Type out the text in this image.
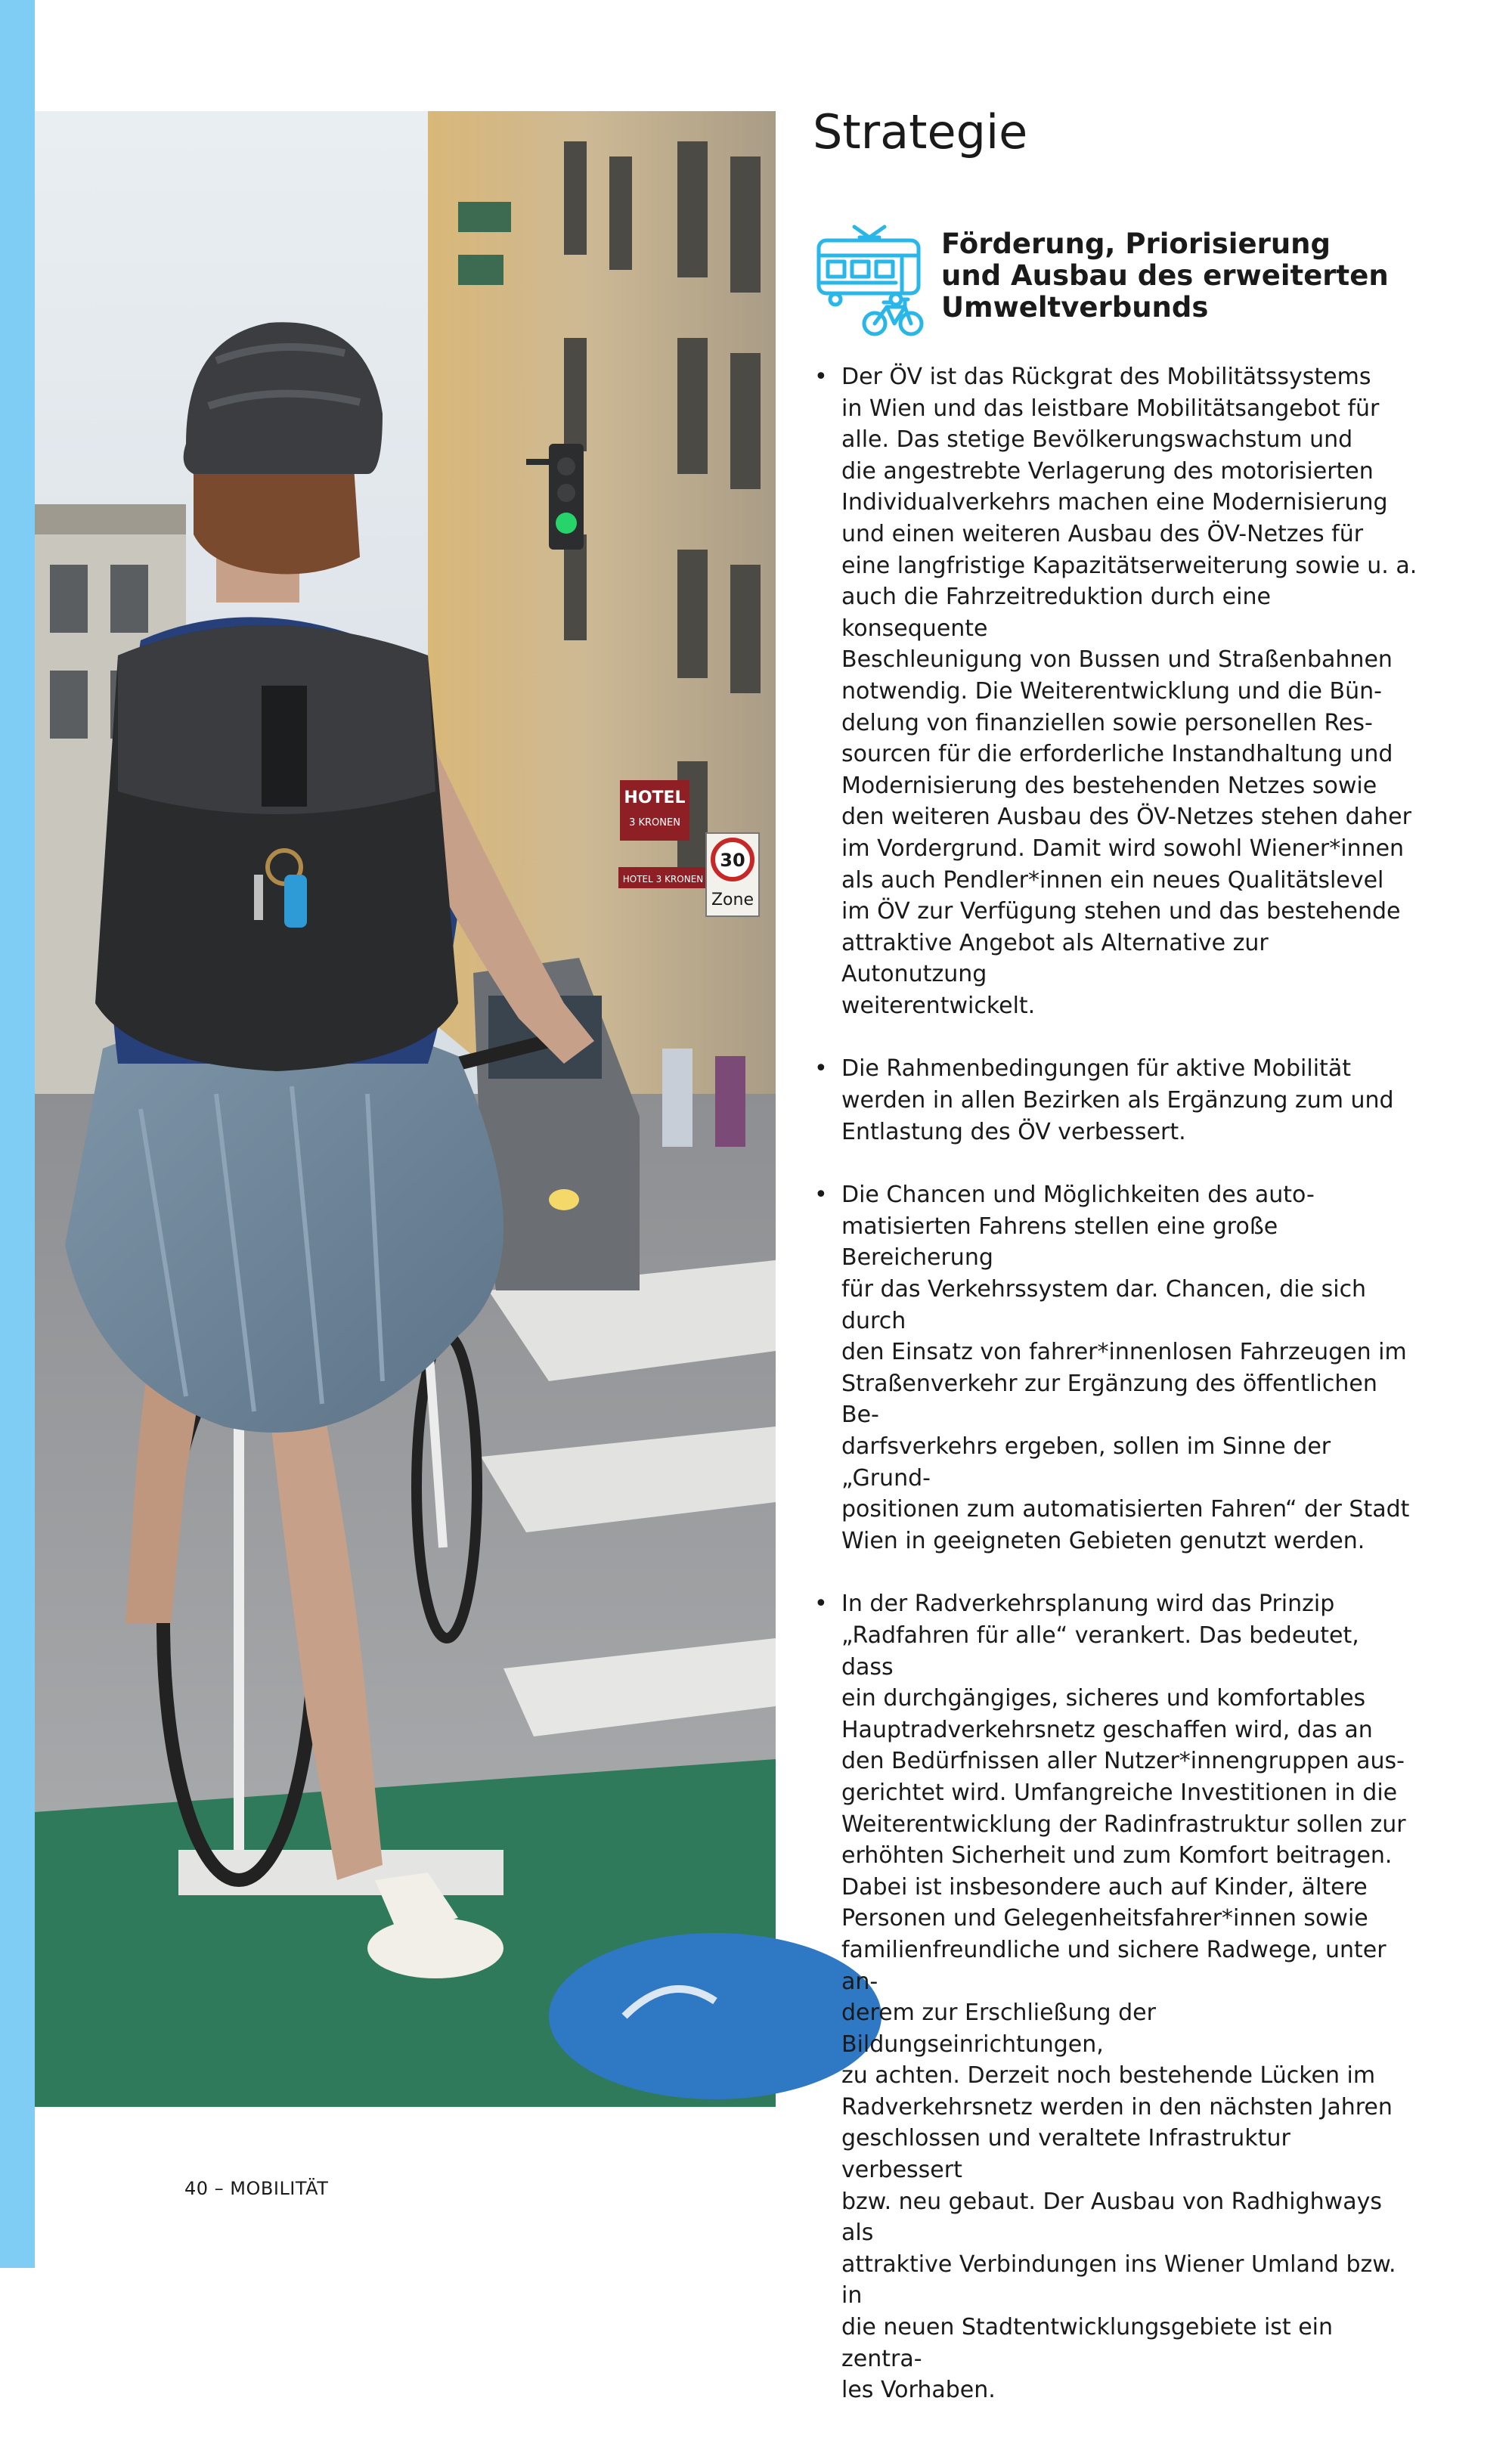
HOTEL
3 KRONEN
HOTEL 3 KRONEN
30
Zone
Strategie
Förderung, Priorisierung
und Ausbau des erweiterten
Umweltverbunds
• Der ÖV ist das Rückgrat des Mobilitätssystems
in Wien und das leistbare Mobilitätsangebot für
alle. Das stetige Bevölkerungswachstum und
die angestrebte Verlagerung des motorisierten
Individualverkehrs machen eine Modernisierung
und einen weiteren Ausbau des ÖV-Netzes für
eine langfristige Kapazitätserweiterung sowie u. a.
auch die Fahrzeitreduktion durch eine konsequente
Beschleunigung von Bussen und Straßenbahnen
notwendig. Die Weiterentwicklung und die Bün-
delung von finanziellen sowie personellen Res-
sourcen für die erforderliche Instandhaltung und
Modernisierung des bestehenden Netzes sowie
den weiteren Ausbau des ÖV-Netzes stehen daher
im Vordergrund. Damit wird sowohl Wiener*innen
als auch Pendler*innen ein neues Qualitätslevel
im ÖV zur Verfügung stehen und das bestehende
attraktive Angebot als Alternative zur Autonutzung
weiterentwickelt.
• Die Rahmenbedingungen für aktive Mobilität
werden in allen Bezirken als Ergänzung zum und
Entlastung des ÖV verbessert.
• Die Chancen und Möglichkeiten des auto-
matisierten Fahrens stellen eine große Bereicherung
für das Verkehrssystem dar. Chancen, die sich durch
den Einsatz von fahrer*innenlosen Fahrzeugen im
Straßenverkehr zur Ergänzung des öffentlichen Be-
darfsverkehrs ergeben, sollen im Sinne der „Grund-
positionen zum automatisierten Fahren“ der Stadt
Wien in geeigneten Gebieten genutzt werden.
• In der Radverkehrsplanung wird das Prinzip
„Radfahren für alle“ verankert. Das bedeutet, dass
ein durchgängiges, sicheres und komfortables
Hauptradverkehrsnetz geschaffen wird, das an
den Bedürfnissen aller Nutzer*innengruppen aus-
gerichtet wird. Umfangreiche Investitionen in die
Weiterentwicklung der Radinfrastruktur sollen zur
erhöhten Sicherheit und zum Komfort beitragen.
Dabei ist insbesondere auch auf Kinder, ältere
Personen und Gelegenheitsfahrer*innen sowie
familienfreundliche und sichere Radwege, unter an-
derem zur Erschließung der Bildungseinrichtungen,
zu achten. Derzeit noch bestehende Lücken im
Radverkehrsnetz werden in den nächsten Jahren
geschlossen und veraltete Infrastruktur verbessert
bzw. neu gebaut. Der Ausbau von Radhighways als
attraktive Verbindungen ins Wiener Umland bzw. in
die neuen Stadtentwicklungsgebiete ist ein zentra-
les Vorhaben.
40 – MOBILITÄT
